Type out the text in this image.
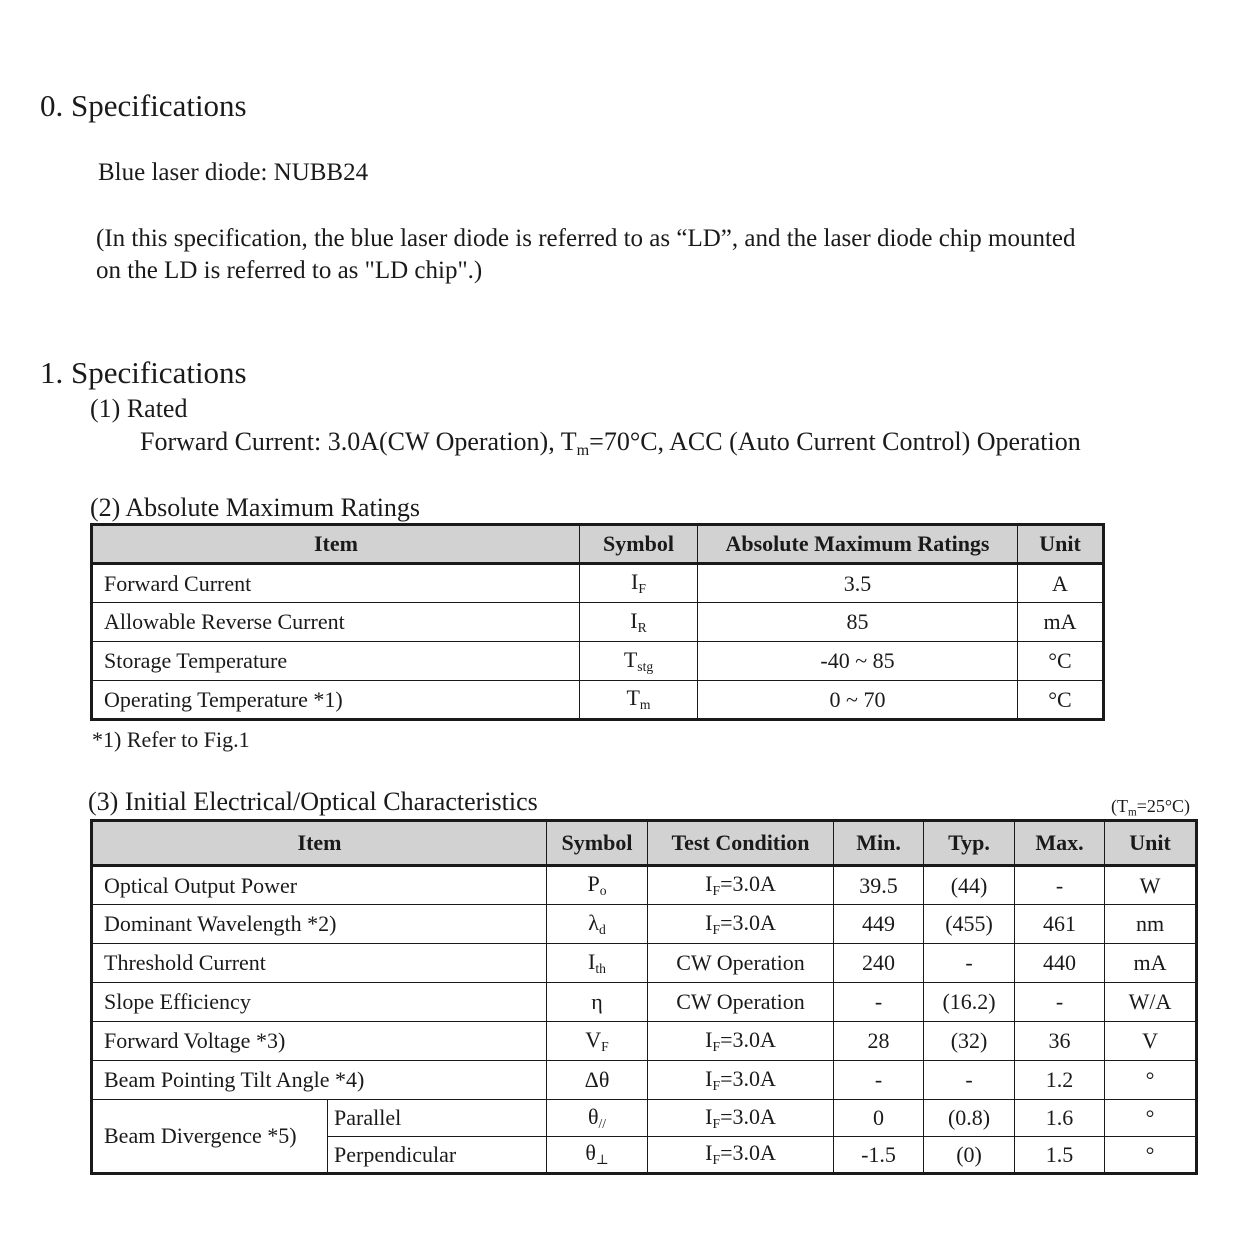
0. Specifications
Blue laser diode: NUBB24
(In this specification, the blue laser diode is referred to as “LD”, and the laser diode chip mounted
on the LD is referred to as "LD chip".)
1. Specifications
(1) Rated
Forward Current: 3.0A(CW Operation), Tm=70°C, ACC (Auto Current Control) Operation
(2) Absolute Maximum Ratings
Item	Symbol	Absolute Maximum Ratings	Unit
Forward Current	IF	3.5	A
Allowable Reverse Current	IR	85	mA
Storage Temperature	Tstg	-40 ~ 85	°C
Operating Temperature *1)	Tm	0 ~ 70	°C
*1) Refer to Fig.1
(3) Initial Electrical/Optical Characteristics	(Tm=25°C)
Item		Symbol	Test Condition	Min.	Typ.	Max.	Unit
Optical Output Power		Po	IF=3.0A	39.5	(44)	-	W
Dominant Wavelength *2)		λd	IF=3.0A	449	(455)	461	nm
Threshold Current		Ith	CW Operation	240	-	440	mA
Slope Efficiency		η	CW Operation	-	(16.2)	-	W/A
Forward Voltage *3)		VF	IF=3.0A	28	(32)	36	V
Beam Pointing Tilt Angle *4)		Δθ	IF=3.0A	-	-	1.2	°
Beam Divergence *5)	Parallel	θ//	IF=3.0A	0	(0.8)	1.6	°
	Perpendicular	θ⊥	IF=3.0A	-1.5	(0)	1.5	°
